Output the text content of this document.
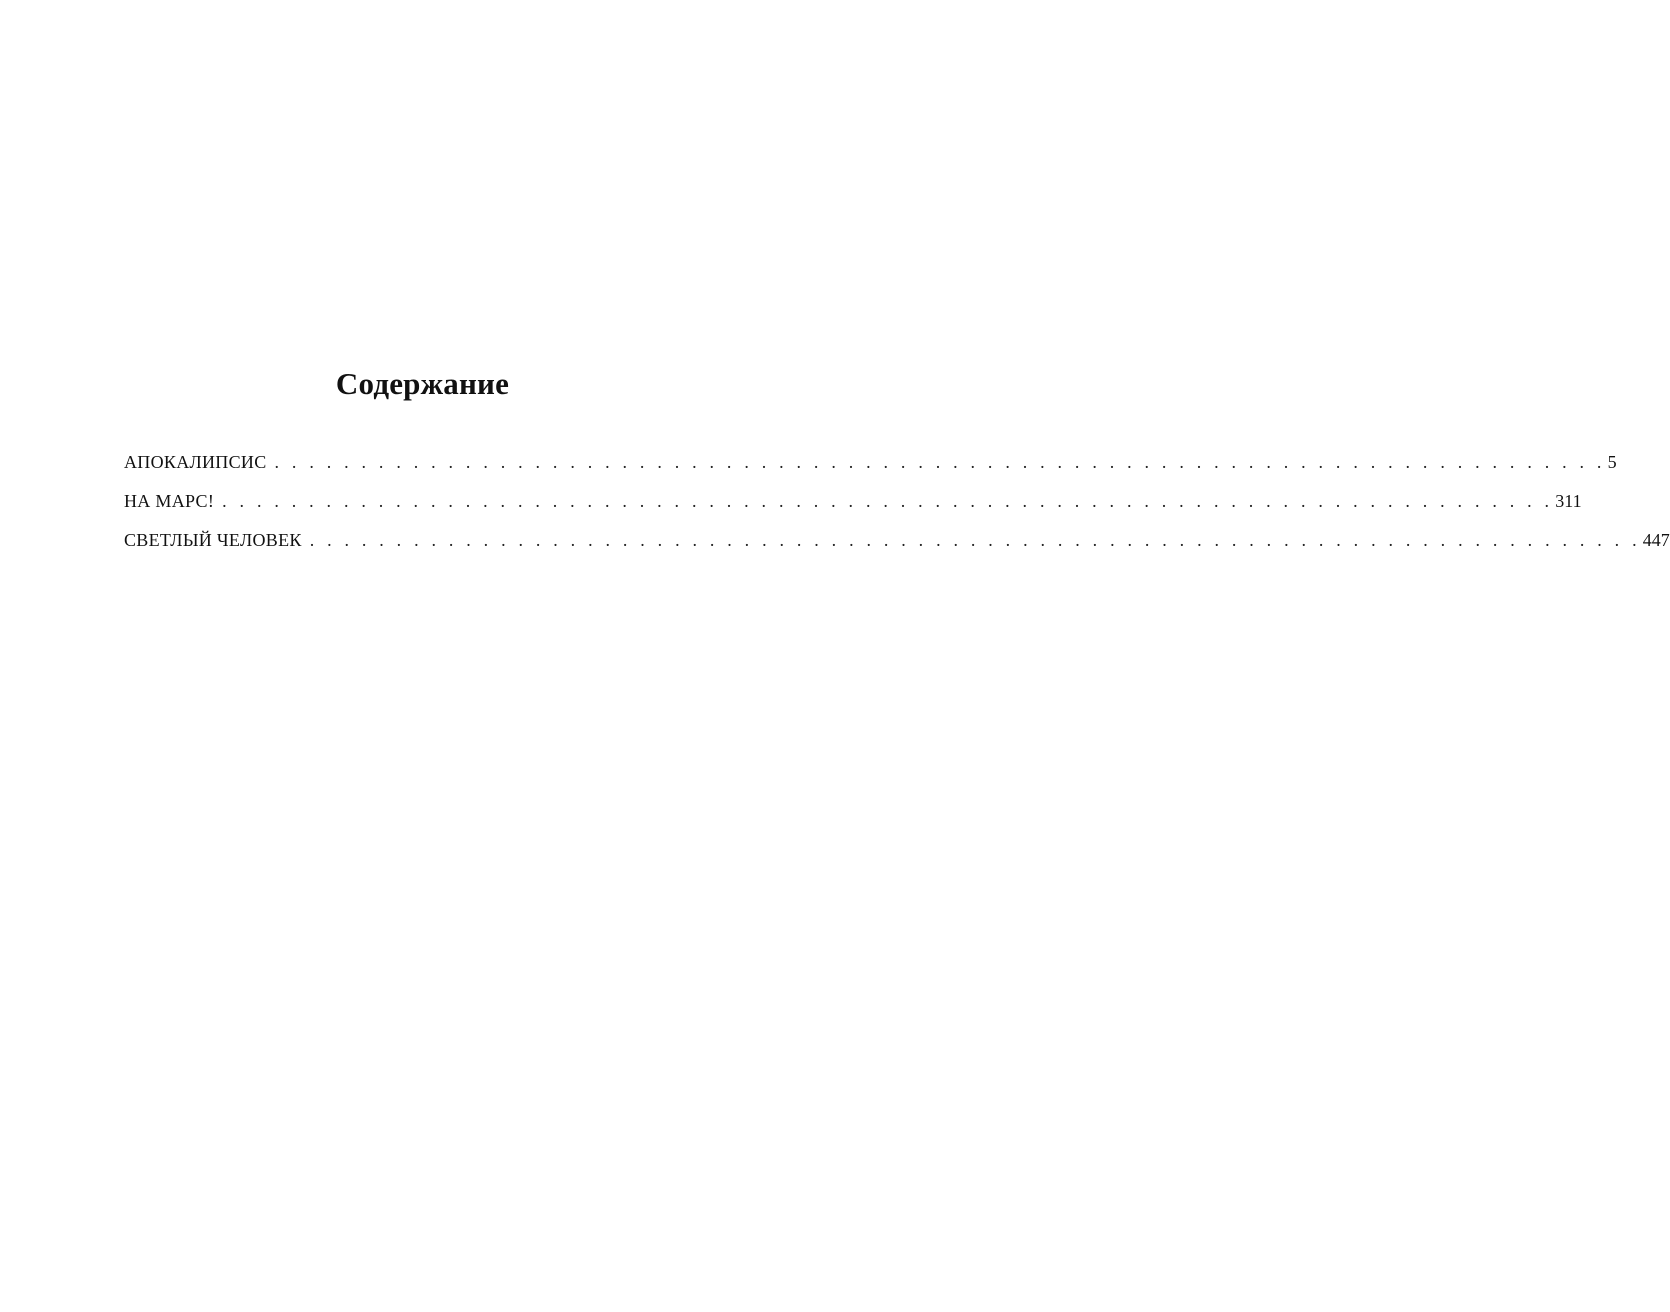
Содержание
АПОКАЛИПСИС . . . . . . . . . . . . . . . . . . . . . . . . . . . . . . . . . . . . . . . . . . . . . . . . . . . . . . . . . . . . . . . . . . . . . . . . . . . . . 5
НА МАРС! . . . . . . . . . . . . . . . . . . . . . . . . . . . . . . . . . . . . . . . . . . . . . . . . . . . . . . . . . . . . . . . . . . . . . . . . . . . . . 311
СВЕТЛЫЙ ЧЕЛОВЕК . . . . . . . . . . . . . . . . . . . . . . . . . . . . . . . . . . . . . . . . . . . . . . . . . . . . . . . . . . . . . . . . . . . . . . . . . . . . . 447
